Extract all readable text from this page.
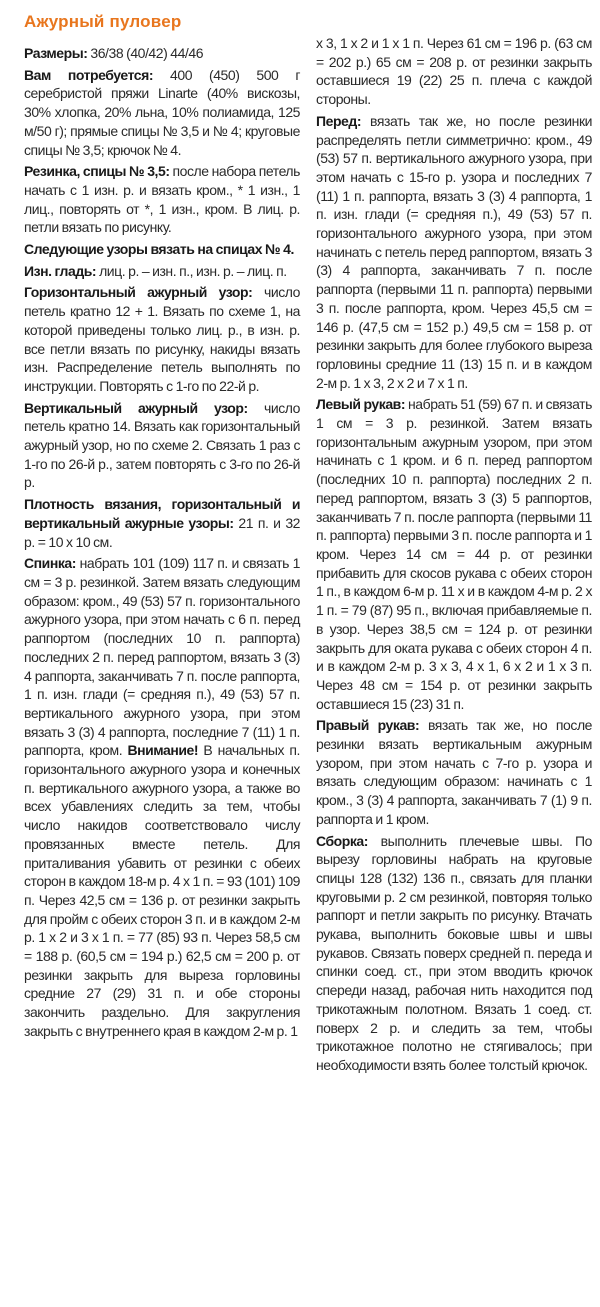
Ажурный пуловер

Размеры: 36/38 (40/42) 44/46

Вам потребуется: 400 (450) 500 г серебристой пряжи Linarte (40% вискозы, 30% хлопка, 20% льна, 10% полиамида, 125 м/50 г); прямые спицы № 3,5 и № 4; круговые спицы № 3,5; крючок № 4.

Резинка, спицы № 3,5: после набора петель начать с 1 изн. р. и вязать кром., * 1 изн., 1 лиц., повторять от *, 1 изн., кром. В лиц. р. петли вязать по рисунку.

Следующие узоры вязать на спицах № 4.

Изн. гладь: лиц. р. – изн. п., изн. р. – лиц. п.

Горизонтальный ажурный узор: число петель кратно 12 + 1. Вязать по схеме 1, на которой приведены только лиц. р., в изн. р. все петли вязать по рисунку, накиды вязать изн. Распределение петель выполнять по инструкции. Повторять с 1-го по 22-й р.

Вертикальный ажурный узор: число петель кратно 14. Вязать как горизонтальный ажурный узор, но по схеме 2. Связать 1 раз с 1-го по 26-й р., затем повторять с 3-го по 26-й р.

Плотность вязания, горизонтальный и вертикальный ажурные узоры: 21 п. и 32 р. = 10 х 10 см.

Спинка: набрать 101 (109) 117 п. и связать 1 см = 3 р. резинкой. Затем вязать следующим образом: кром., 49 (53) 57 п. горизонтального ажурного узора, при этом начать с 6 п. перед раппортом (последних 10 п. раппорта) последних 2 п. перед раппортом, вязать 3 (3) 4 раппорта, заканчивать 7 п. после раппорта, 1 п. изн. глади (= средняя п.), 49 (53) 57 п. вертикального ажурного узора, при этом вязать 3 (3) 4 раппорта, последние 7 (11) 1 п. раппорта, кром. Внимание! В начальных п. горизонтального ажурного узора и конечных п. вертикального ажурного узора, а также во всех убавлениях следить за тем, чтобы число накидов соответствовало числу провязанных вместе петель. Для приталивания убавить от резинки с обеих сторон в каждом 18-м р. 4 х 1 п. = 93 (101) 109 п. Через 42,5 см = 136 р. от резинки закрыть для пройм с обеих сторон 3 п. и в каждом 2-м р. 1 х 2 и 3 х 1 п. = 77 (85) 93 п. Через 58,5 см = 188 р. (60,5 см = 194 р.) 62,5 см = 200 р. от резинки закрыть для выреза горловины средние 27 (29) 31 п. и обе стороны закончить раздельно. Для закругления закрыть с внутреннего края в каждом 2-м р. 1

х 3, 1 х 2 и 1 х 1 п. Через 61 см = 196 р. (63 см = 202 р.) 65 см = 208 р. от резинки закрыть оставшиеся 19 (22) 25 п. плеча с каждой стороны.

Перед: вязать так же, но после резинки распределять петли симметрично: кром., 49 (53) 57 п. вертикального ажурного узора, при этом начать с 15-го р. узора и последних 7 (11) 1 п. раппорта, вязать 3 (3) 4 раппорта, 1 п. изн. глади (= средняя п.), 49 (53) 57 п. горизонтального ажурного узора, при этом начинать с петель перед раппортом, вязать 3 (3) 4 раппорта, заканчивать 7 п. после раппорта (первыми 11 п. раппорта) первыми 3 п. после раппорта, кром. Через 45,5 см = 146 р. (47,5 см = 152 р.) 49,5 см = 158 р. от резинки закрыть для более глубокого выреза горловины средние 11 (13) 15 п. и в каждом 2-м р. 1 х 3, 2 х 2 и 7 х 1 п.

Левый рукав: набрать 51 (59) 67 п. и связать 1 см = 3 р. резинкой. Затем вязать горизонтальным ажурным узором, при этом начинать с 1 кром. и 6 п. перед раппортом (последних 10 п. раппорта) последних 2 п. перед раппортом, вязать 3 (3) 5 раппортов, заканчивать 7 п. после раппорта (первыми 11 п. раппорта) первыми 3 п. после раппорта и 1 кром. Через 14 см = 44 р. от резинки прибавить для скосов рукава с обеих сторон 1 п., в каждом 6-м р. 11 х и в каждом 4-м р. 2 х 1 п. = 79 (87) 95 п., включая прибавляемые п. в узор. Через 38,5 см = 124 р. от резинки закрыть для оката рукава с обеих сторон 4 п. и в каждом 2-м р. 3 х 3, 4 х 1, 6 х 2 и 1 х 3 п. Через 48 см = 154 р. от резинки закрыть оставшиеся 15 (23) 31 п.

Правый рукав: вязать так же, но после резинки вязать вертикальным ажурным узором, при этом начать с 7-го р. узора и вязать следующим образом: начинать с 1 кром., 3 (3) 4 раппорта, заканчивать 7 (1) 9 п. раппорта и 1 кром.

Сборка: выполнить плечевые швы. По вырезу горловины набрать на круговые спицы 128 (132) 136 п., связать для планки круговыми р. 2 см резинкой, повторяя только раппорт и петли закрыть по рисунку. Втачать рукава, выполнить боковые швы и швы рукавов. Связать поверх средней п. переда и спинки соед. ст., при этом вводить крючок спереди назад, рабочая нить находится под трикотажным полотном. Вязать 1 соед. ст. поверх 2 р. и следить за тем, чтобы трикотажное полотно не стягивалось; при необходимости взять более толстый крючок.
